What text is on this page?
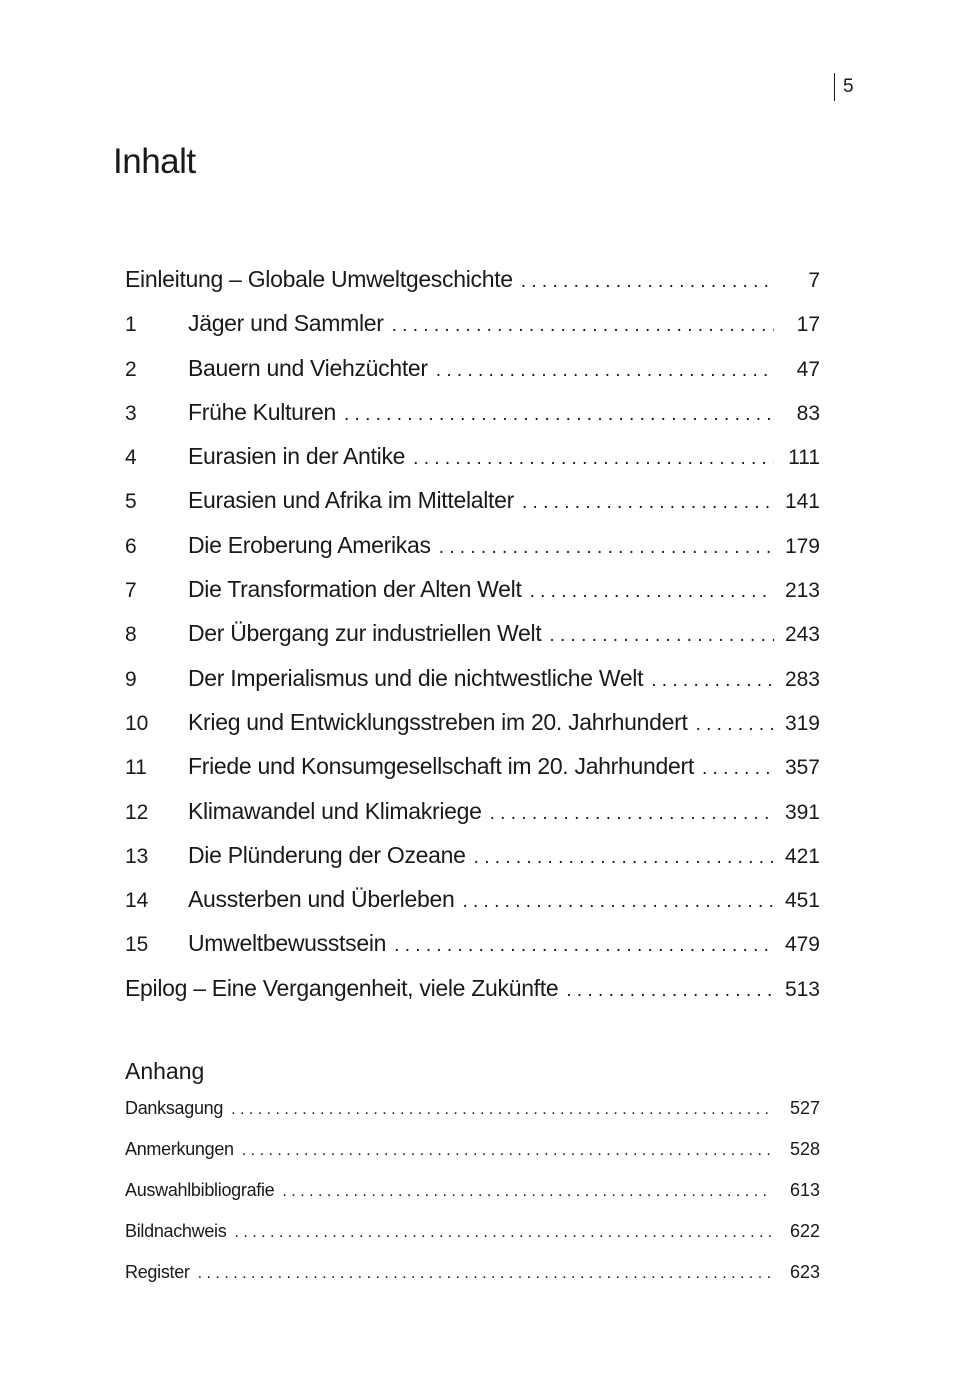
5
Inhalt
Einleitung – Globale Umweltgeschichte . . .	7
1	Jäger und Sammler . . .	17
2	Bauern und Viehzüchter . . .	47
3	Frühe Kulturen . . .	83
4	Eurasien in der Antike . . .	111
5	Eurasien und Afrika im Mittelalter . . .	141
6	Die Eroberung Amerikas . . .	179
7	Die Transformation der Alten Welt . . .	213
8	Der Übergang zur industriellen Welt . . .	243
9	Der Imperialismus und die nichtwestliche Welt . . .	283
10	Krieg und Entwicklungsstreben im 20. Jahrhundert . . .	319
11	Friede und Konsumgesellschaft im 20. Jahrhundert . . .	357
12	Klimawandel und Klimakriege . . .	391
13	Die Plünderung der Ozeane . . .	421
14	Aussterben und Überleben . . .	451
15	Umweltbewusstsein . . .	479
Epilog – Eine Vergangenheit, viele Zukünfte . . .	513
Anhang
Danksagung . . .	527
Anmerkungen . . .	528
Auswahlbibliografie . . .	613
Bildnachweis . . .	622
Register . . .	623
